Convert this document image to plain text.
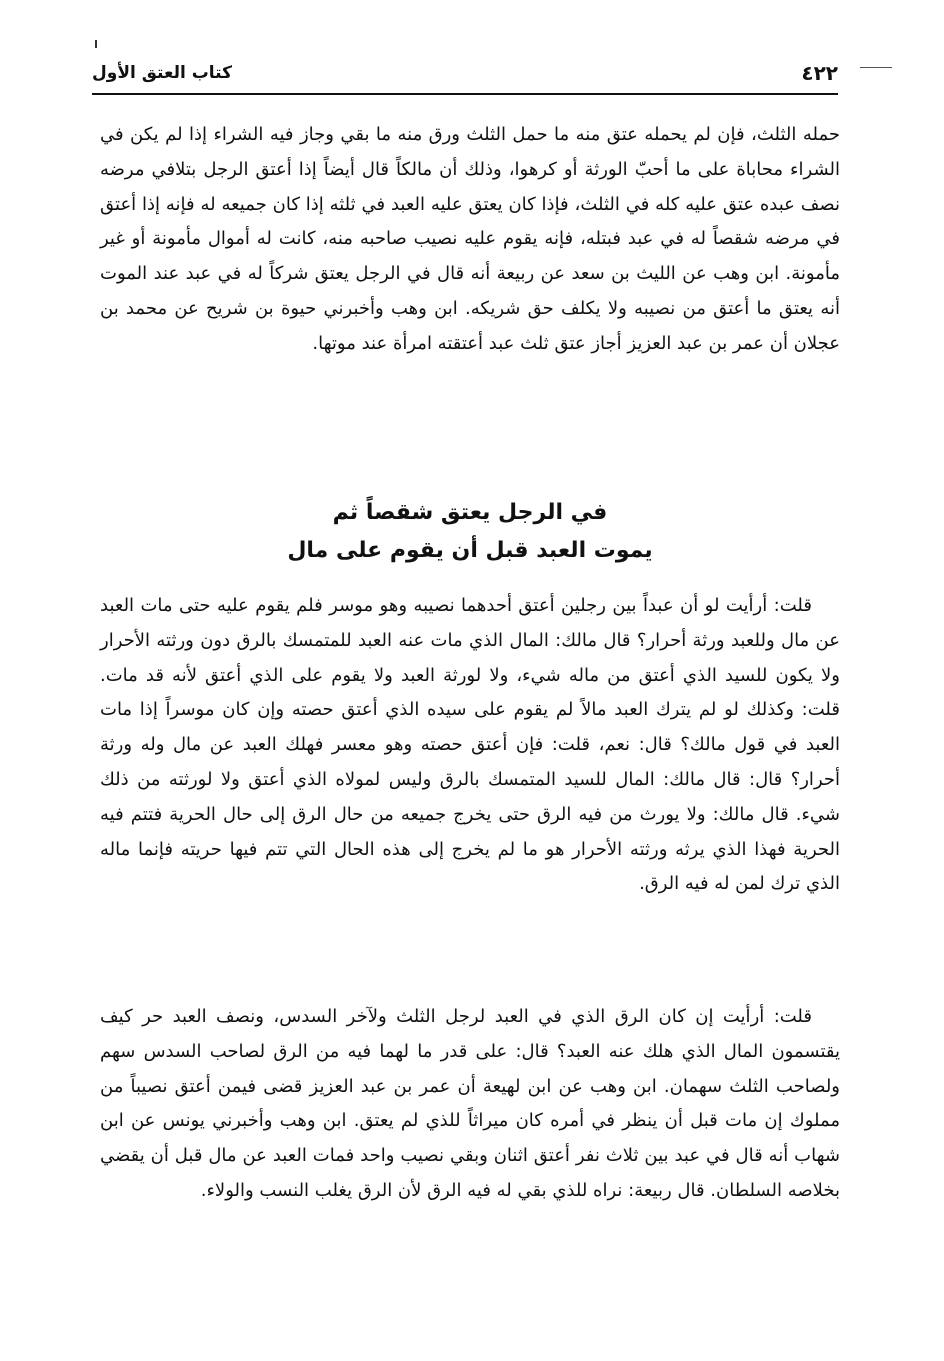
٤٢٢
كتاب العتق الأول

حمله الثلث، فإن لم يحمله عتق منه ما حمل الثلث ورق منه ما بقي وجاز فيه الشراء إذا لم يكن في الشراء محاباة على ما أحبّ الورثة أو كرهوا، وذلك أن مالكاً قال أيضاً إذا أعتق الرجل بتلافي مرضه نصف عبده عتق عليه كله في الثلث، فإذا كان يعتق عليه العبد في ثلثه إذا كان جميعه له فإنه إذا أعتق في مرضه شقصاً له في عبد فبتله، فإنه يقوم عليه نصيب صاحبه منه، كانت له أموال مأمونة أو غير مأمونة. ابن وهب عن الليث بن سعد عن ربيعة أنه قال في الرجل يعتق شركاً له في عبد عند الموت أنه يعتق ما أعتق من نصيبه ولا يكلف حق شريكه. ابن وهب وأخبرني حيوة بن شريح عن محمد بن عجلان أن عمر بن عبد العزيز أجاز عتق ثلث عبد أعتقته امرأة عند موتها.

في الرجل يعتق شقصاً ثم
يموت العبد قبل أن يقوم على مال

قلت: أرأيت لو أن عبداً بين رجلين أعتق أحدهما نصيبه وهو موسر فلم يقوم عليه حتى مات العبد عن مال وللعبد ورثة أحرار؟ قال مالك: المال الذي مات عنه العبد للمتمسك بالرق دون ورثته الأحرار ولا يكون للسيد الذي أعتق من ماله شيء، ولا لورثة العبد ولا يقوم على الذي أعتق لأنه قد مات. قلت: وكذلك لو لم يترك العبد مالاً لم يقوم على سيده الذي أعتق حصته وإن كان موسراً إذا مات العبد في قول مالك؟ قال: نعم، قلت: فإن أعتق حصته وهو معسر فهلك العبد عن مال وله ورثة أحرار؟ قال: قال مالك: المال للسيد المتمسك بالرق وليس لمولاه الذي أعتق ولا لورثته من ذلك شيء. قال مالك: ولا يورث من فيه الرق حتى يخرج جميعه من حال الرق إلى حال الحرية فتتم فيه الحرية فهذا الذي يرثه ورثته الأحرار هو ما لم يخرج إلى هذه الحال التي تتم فيها حريته فإنما ماله الذي ترك لمن له فيه الرق.

قلت: أرأيت إن كان الرق الذي في العبد لرجل الثلث ولآخر السدس، ونصف العبد حر كيف يقتسمون المال الذي هلك عنه العبد؟ قال: على قدر ما لهما فيه من الرق لصاحب السدس سهم ولصاحب الثلث سهمان. ابن وهب عن ابن لهيعة أن عمر بن عبد العزيز قضى فيمن أعتق نصيباً من مملوك إن مات قبل أن ينظر في أمره كان ميراثاً للذي لم يعتق. ابن وهب وأخبرني يونس عن ابن شهاب أنه قال في عبد بين ثلاث نفر أعتق اثنان وبقي نصيب واحد فمات العبد عن مال قبل أن يقضي بخلاصه السلطان. قال ربيعة: نراه للذي بقي له فيه الرق لأن الرق يغلب النسب والولاء.
